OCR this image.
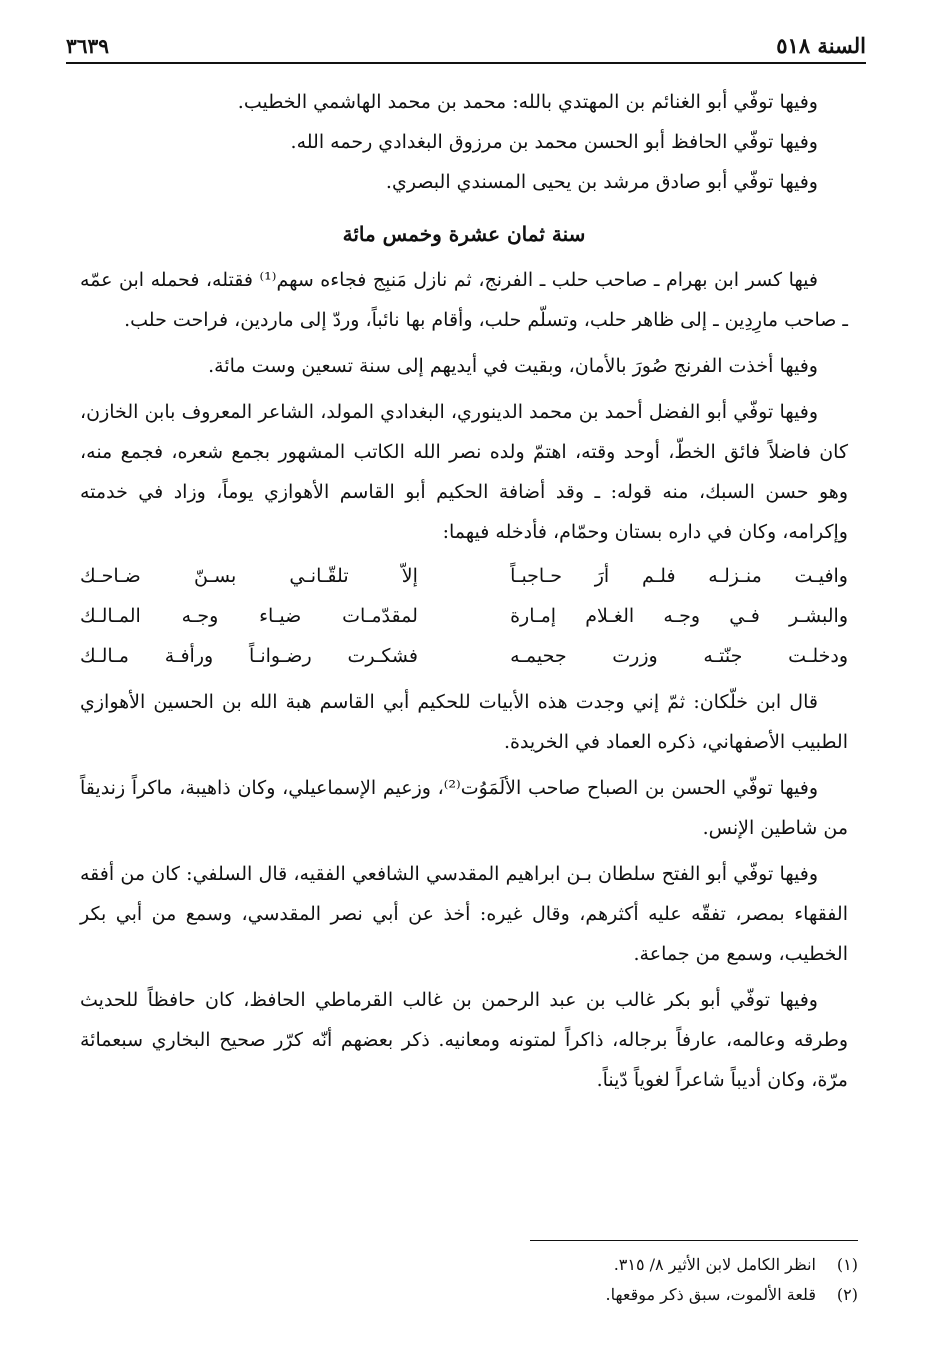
السنة ٥١٨
٣٦٣٩

وفيها توفّي أبو الغنائم بن المهتدي بالله: محمد بن محمد الهاشمي الخطيب.

وفيها توفّي الحافظ أبو الحسن محمد بن مرزوق البغدادي رحمه الله.

وفيها توفّي أبو صادق مرشد بن يحيى المسندي البصري.

سنة ثمان عشرة وخمس مائة

فيها كسر ابن بهرام ـ صاحب حلب ـ الفرنج، ثم نازل مَنبِج فجاءه سهم⁽¹⁾ فقتله، فحمله ابن عمّه ـ صاحب مارِدِين ـ إلى ظاهر حلب، وتسلّم حلب، وأقام بها نائباً، وردّ إلى ماردين، فراحت حلب.

وفيها أخذت الفرنج صُورَ بالأمان، وبقيت في أيديهم إلى سنة تسعين وست مائة.

وفيها توفّي أبو الفضل أحمد بن محمد الدينوري، البغدادي المولد، الشاعر المعروف بابن الخازن، كان فاضلاً فائق الخطّ، أوحد وقته، اهتمّ ولده نصر الله الكاتب المشهور بجمع شعره، فجمع منه، وهو حسن السبك، منه قوله: ـ وقد أضافة الحكيم أبو القاسم الأهوازي يوماً، وزاد في خدمته وإكرامه، وكان في داره بستان وحمّام، فأدخله فيهما:

وافيـت منـزلـه فلـم أرَ حـاجبـاً
إلاّ تلقّـانـي بسـنّ ضـاحـك
والبشـر فـي وجـه الغـلام إمـارة
لمقدّمـات ضيـاء وجـه المـالـك
ودخلـت جنّتـه وزرت جحيمـه
فشكـرت رضـوانـاً ورأفـة مـالـك

قال ابن خلّكان: ثمّ إني وجدت هذه الأبيات للحكيم أبي القاسم هبة الله بن الحسين الأهوازي الطبيب الأصفهاني، ذكره العماد في الخريدة.

وفيها توفّي الحسن بن الصباح صاحب الألَمَوُت⁽²⁾، وزعيم الإسماعيلي، وكان ذاهيبة، ماكراً زنديقاً من شاطين الإنس.

وفيها توفّي أبو الفتح سلطان بـن ابراهيم المقدسي الشافعي الفقيه، قال السلفي: كان من أفقه الفقهاء بمصر، تفقّه عليه أكثرهم، وقال غيره: أخذ عن أبي نصر المقدسي، وسمع من أبي بكر الخطيب، وسمع من جماعة.

وفيها توفّي أبو بكر غالب بن عبد الرحمن بن غالب القرماطي الحافظ، كان حافظاً للحديث وطرقه وعالمه، عارفاً برجاله، ذاكراً لمتونه ومعانيه. ذكر بعضهم أنّه كرّر صحيح البخاري سبعمائة مرّة، وكان أديباً شاعراً لغوياً دّيناً.

(١)
انظر الكامل لابن الأثير ٨/ ٣١٥.
(٢)
قلعة الألموت، سبق ذكر موقعها.
